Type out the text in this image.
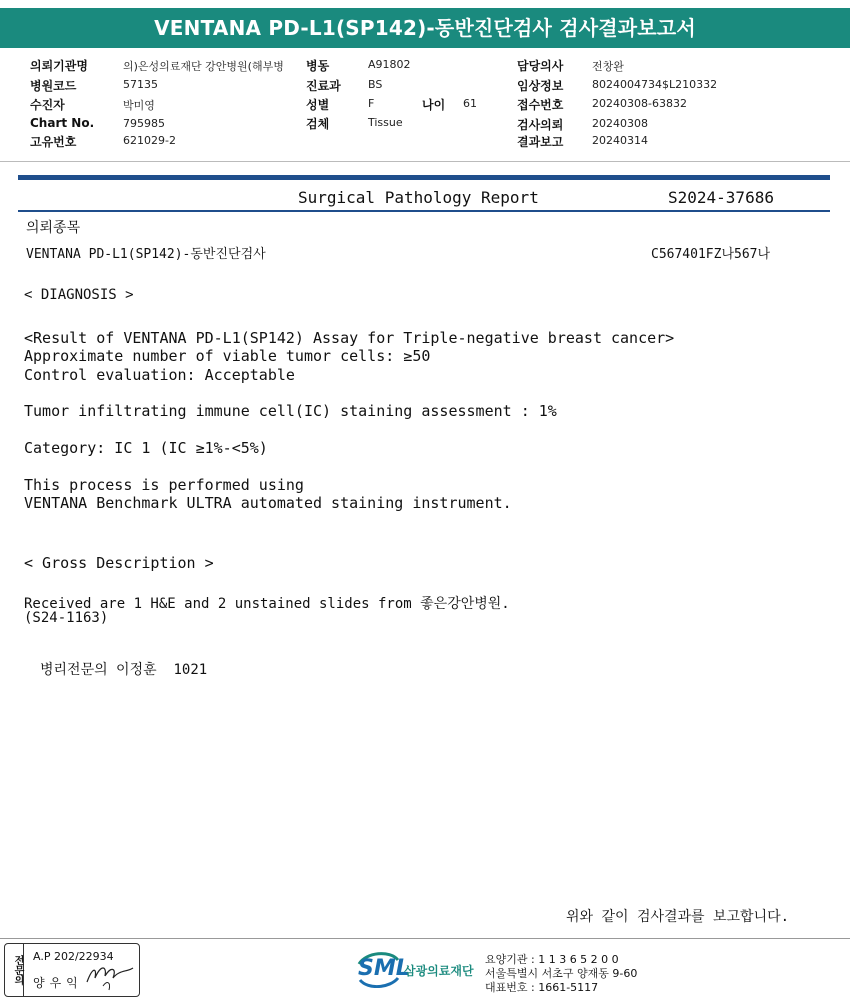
VENTANA PD-L1(SP142)-동반진단검사 검사결과보고서
의뢰기관명	의)은성의료재단 강안병원(해부병 병동	A91802	담당의사	전창완
병원코드	57135	진료과 BS	임상정보	8024004734$L210332
수진자	박미영	성별	F	나이 61	접수번호	20240308-63832
Chart No.	795985	검체	Tissue	검사의뢰	20240308
고유번호	621029-2	결과보고	20240314
Surgical Pathology Report	S2024-37686
의뢰종목
VENTANA PD-L1(SP142)-동반진단검사	C567401FZ나567나
< DIAGNOSIS >
<Result of VENTANA PD-L1(SP142) Assay for Triple-negative breast cancer>
Approximate number of viable tumor cells: ≥50
Control evaluation: Acceptable
Tumor infiltrating immune cell(IC) staining assessment : 1%
Category: IC 1 (IC ≥1%-<5%)
This process is performed using
VENTANA Benchmark ULTRA automated staining instrument.
< Gross Description >
Received are 1 H&E and 2 unstained slides from 좋은강안병원.
(S24-1163)
병리전문의 이정훈  1021
위와 같이 검사결과를 보고합니다.
전문의 A.P 202/22934
양우익
SML
삼광의료재단
요양기관 : 1 1 3 6 5 2 0 0
서울특별시 서초구 양재동 9-60
대표번호 : 1661-5117
